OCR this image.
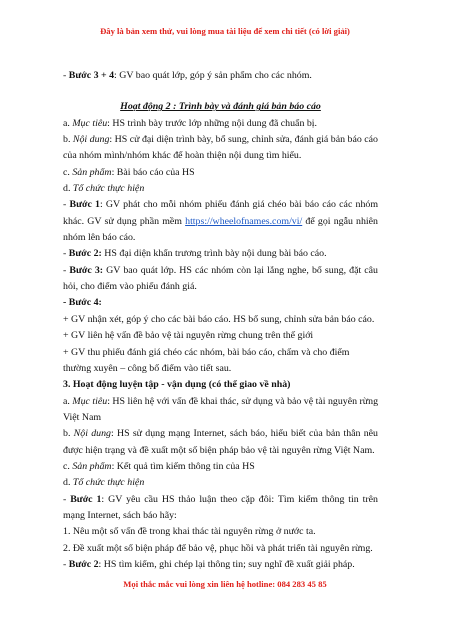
Đây là bản xem thử, vui lòng mua tài liệu để xem chi tiết (có lời giải)

- Bước 3 + 4: GV bao quát lớp, góp ý sản phẩm cho các nhóm.

Hoạt động 2 : Trình bày và đánh giá bản báo cáo

a. Mục tiêu: HS trình bày trước lớp những nội dung đã chuẩn bị.

b. Nội dung: HS cử đại diện trình bày, bổ sung, chỉnh sửa, đánh giá bản báo cáo của nhóm mình/nhóm khác để hoàn thiện nội dung tìm hiểu.

c. Sản phẩm: Bài báo cáo của HS

d. Tổ chức thực hiện

- Bước 1: GV phát cho mỗi nhóm phiếu đánh giá chéo bài báo cáo các nhóm khác. GV sử dụng phần mềm https://wheelofnames.com/vi/ để gọi ngẫu nhiên nhóm lên báo cáo.

- Bước 2: HS đại diện khẩn trương trình bày nội dung bài báo cáo.

- Bước 3: GV bao quát lớp. HS các nhóm còn lại lắng nghe, bổ sung, đặt câu hỏi, cho điểm vào phiếu đánh giá.

- Bước 4:

+ GV nhận xét, góp ý cho các bài báo cáo. HS bổ sung, chỉnh sửa bản báo cáo.

+ GV liên hệ vấn đề bảo vệ tài nguyên rừng chung trên thế giới

+ GV thu phiếu đánh giá chéo các nhóm, bài báo cáo, chấm và cho điểm thường xuyên – công bố điểm vào tiết sau.

3. Hoạt động luyện tập - vận dụng (có thể giao về nhà)

a. Mục tiêu: HS liên hệ với vấn đề khai thác, sử dụng và bảo vệ tài nguyên rừng Việt Nam

b. Nội dung: HS sử dụng mạng Internet, sách báo, hiểu biết của bản thân nêu được hiện trạng và đề xuất một số biện pháp bảo vệ tài nguyên rừng Việt Nam.

c. Sản phẩm: Kết quả tìm kiếm thông tin của HS

d. Tổ chức thực hiện

- Bước 1: GV yêu cầu HS thảo luận theo cặp đôi: Tìm kiếm thông tin trên mạng Internet, sách báo hãy:

1. Nêu một số vấn đề trong khai thác tài nguyên rừng ở nước ta.

2. Đề xuất một số biện pháp để bảo vệ, phục hồi và phát triển tài nguyên rừng.

- Bước 2: HS tìm kiếm, ghi chép lại thông tin; suy nghĩ đề xuất giải pháp.

Mọi thắc mắc vui lòng xin liên hệ hotline: 084 283 45 85
